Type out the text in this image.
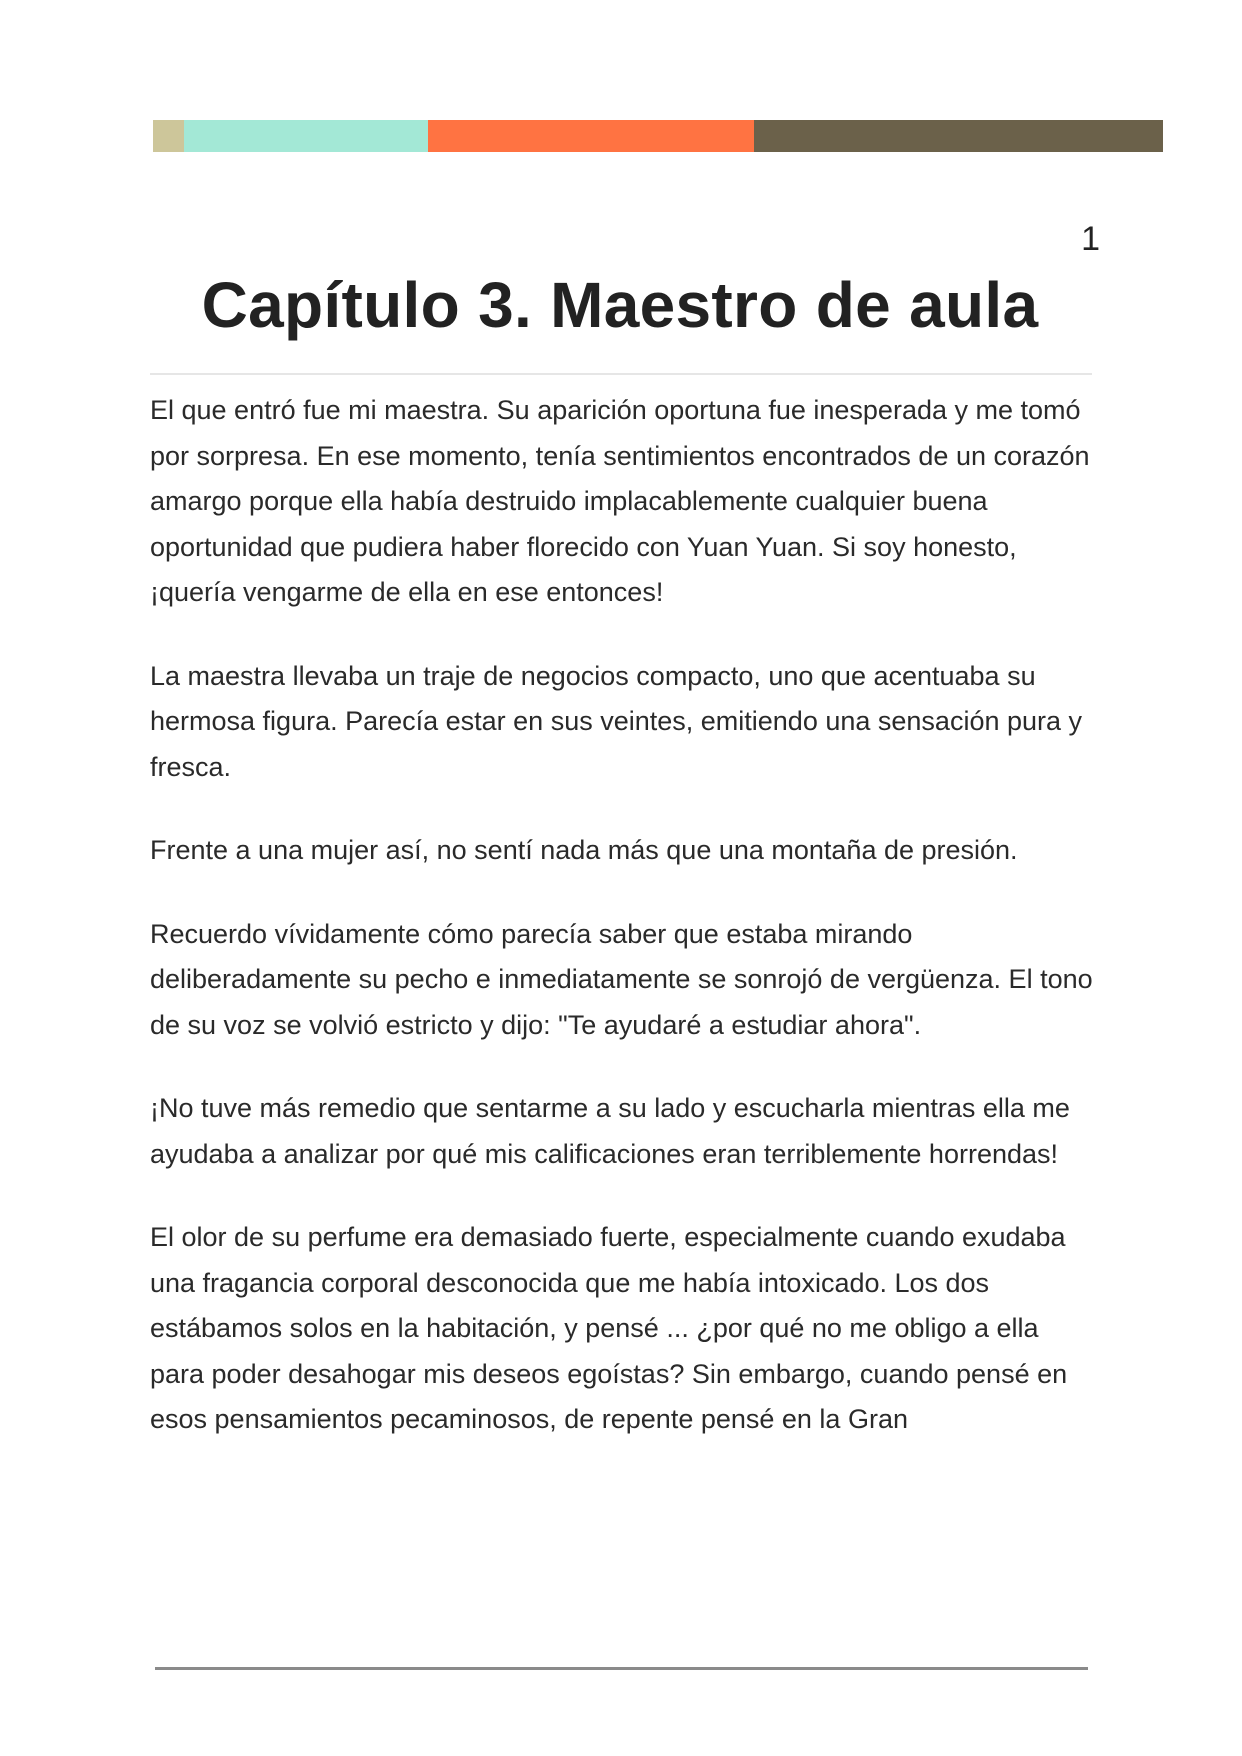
1
Capítulo 3. Maestro de aula

El que entró fue mi maestra. Su aparición oportuna fue inesperada y me tomó por sorpresa. En ese momento, tenía sentimientos encontrados de un corazón amargo porque ella había destruido implacablemente cualquier buena oportunidad que pudiera haber florecido con Yuan Yuan. Si soy honesto, ¡quería vengarme de ella en ese entonces!

La maestra llevaba un traje de negocios compacto, uno que acentuaba su hermosa figura. Parecía estar en sus veintes, emitiendo una sensación pura y fresca.

Frente a una mujer así, no sentí nada más que una montaña de presión.

Recuerdo vívidamente cómo parecía saber que estaba mirando deliberadamente su pecho e inmediatamente se sonrojó de vergüenza. El tono de su voz se volvió estricto y dijo: "Te ayudaré a estudiar ahora".

¡No tuve más remedio que sentarme a su lado y escucharla mientras ella me ayudaba a analizar por qué mis calificaciones eran terriblemente horrendas!

El olor de su perfume era demasiado fuerte, especialmente cuando exudaba una fragancia corporal desconocida que me había intoxicado. Los dos estábamos solos en la habitación, y pensé ... ¿por qué no me obligo a ella para poder desahogar mis deseos egoístas? Sin embargo, cuando pensé en esos pensamientos pecaminosos, de repente pensé en la Gran
